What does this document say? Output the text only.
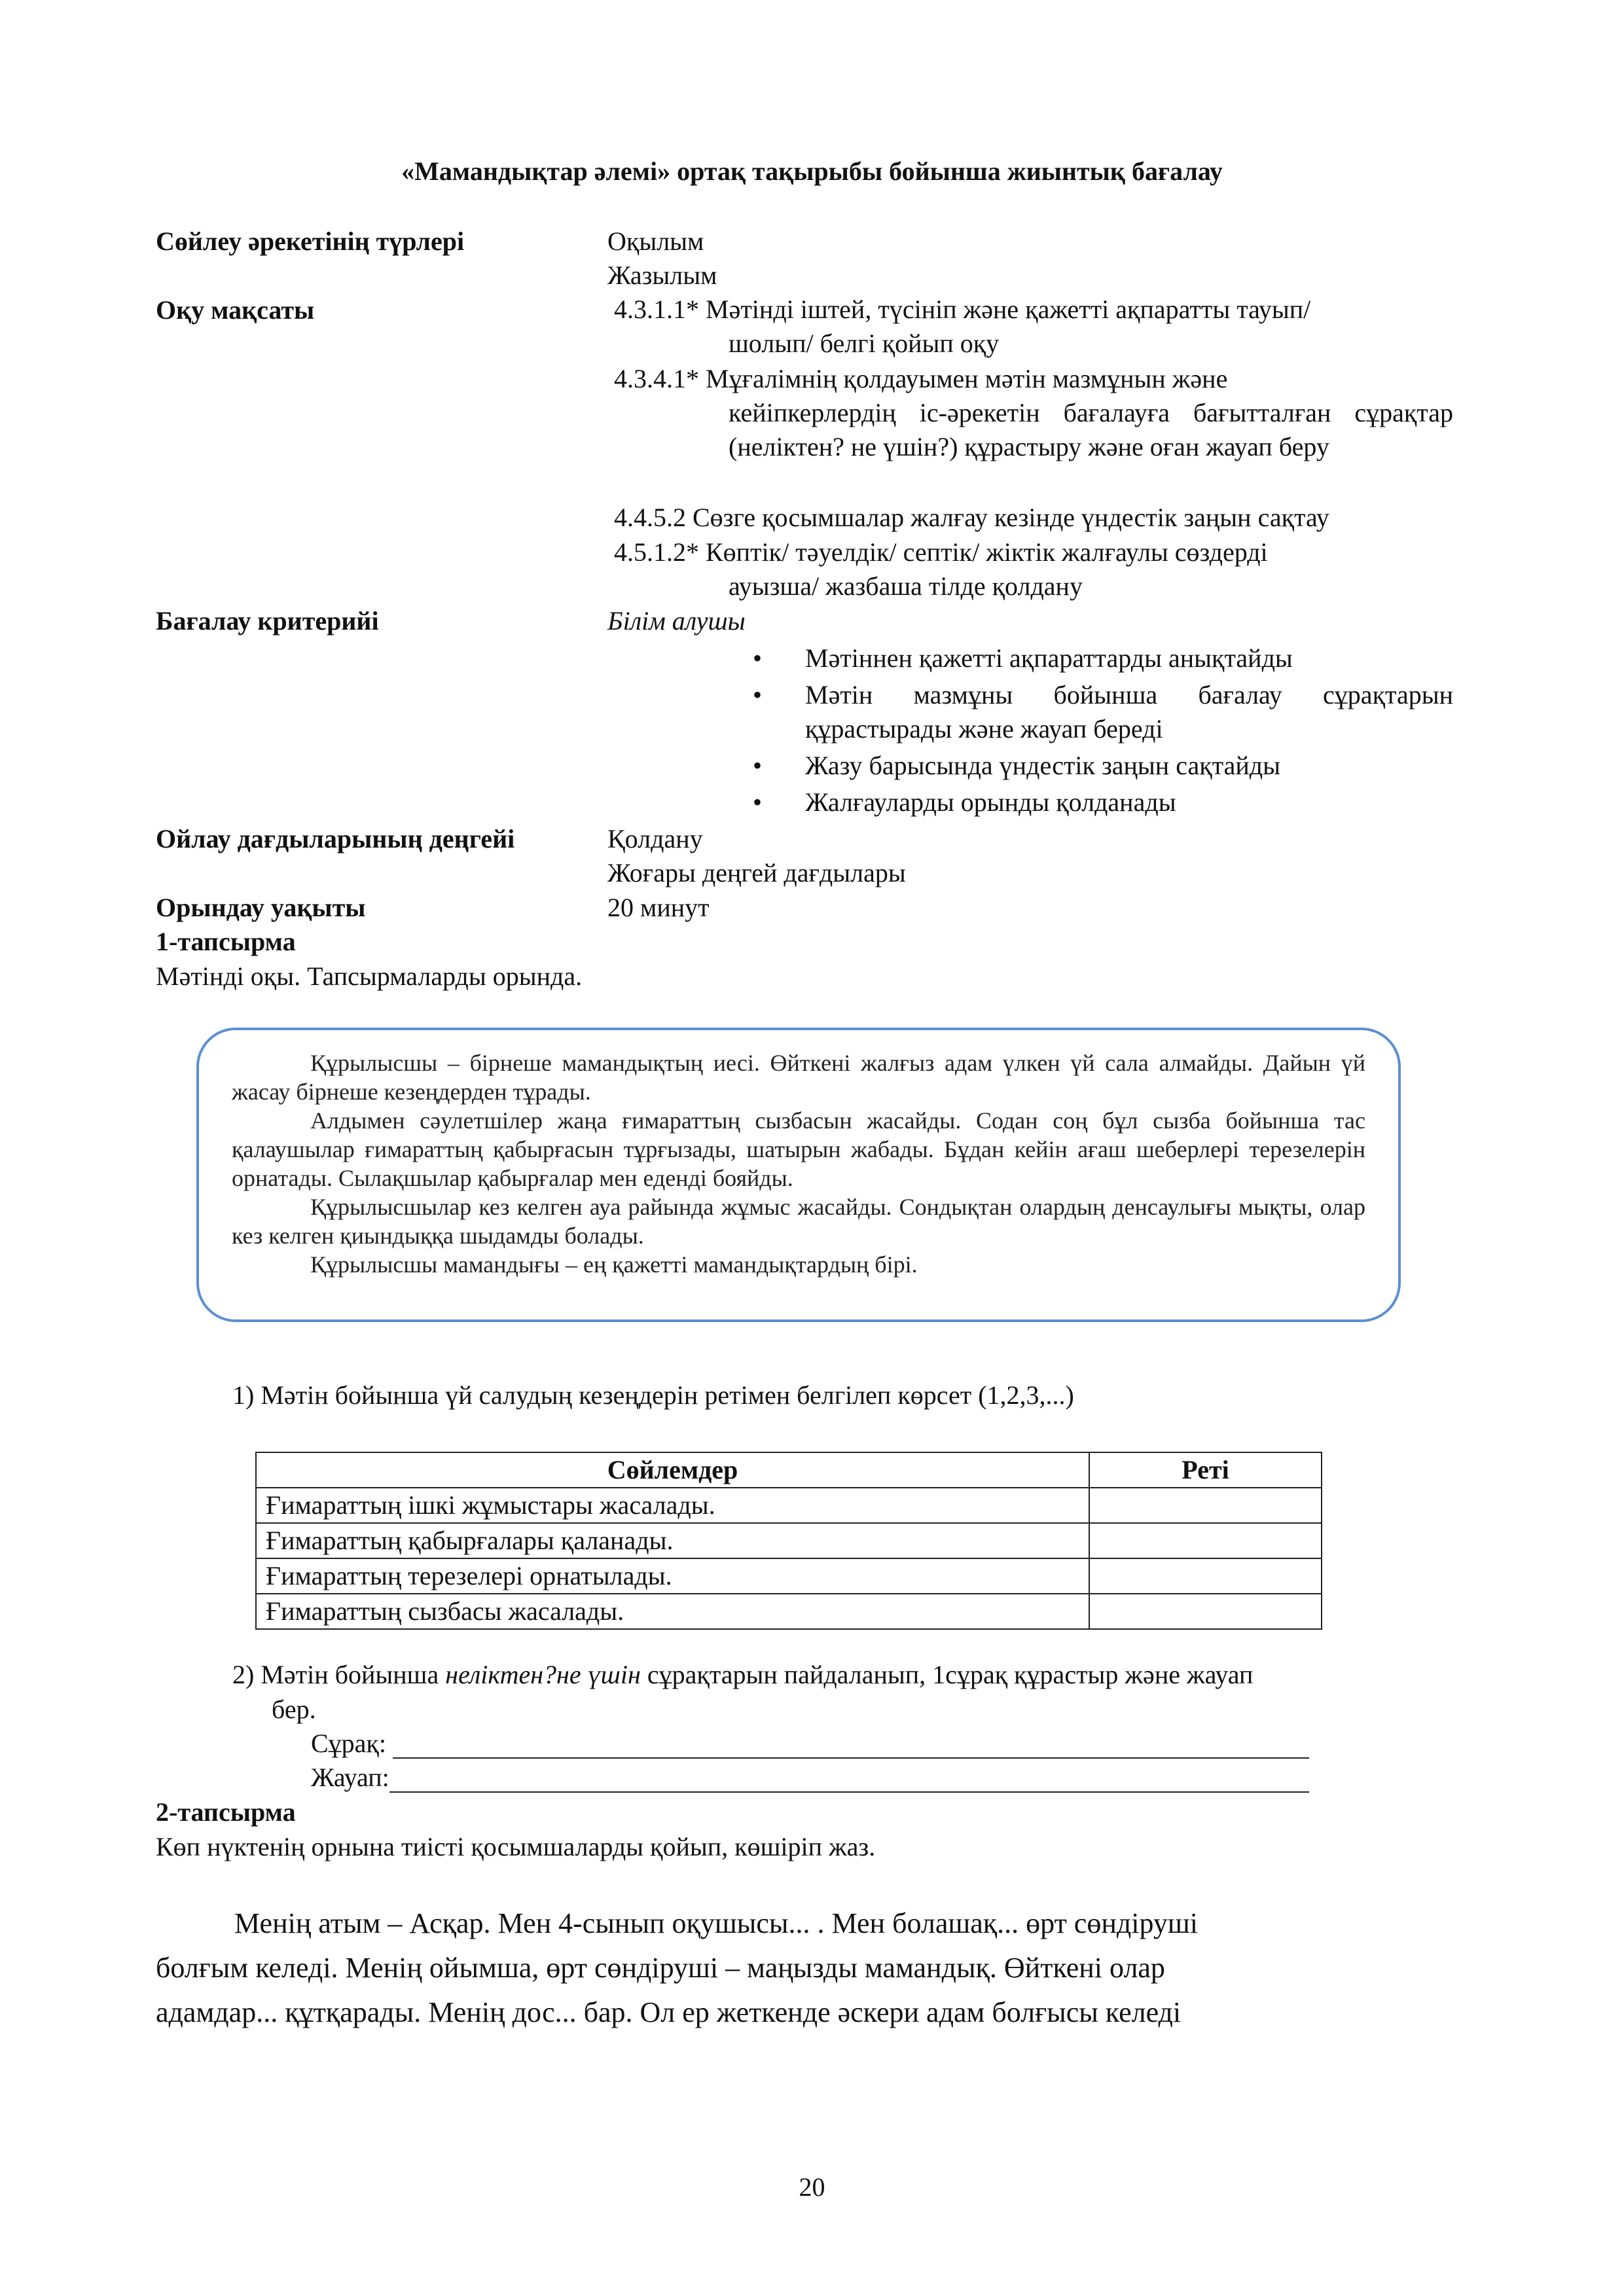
«Мамандықтар әлемі» ортақ тақырыбы бойынша жиынтық бағалау
Сөйлеу әрекетінің түрлері	Оқылым
Жазылым
Оқу мақсаты	4.3.1.1* Мәтінді іштей, түсініп және қажетті ақпаратты тауып/
шолып/ белгі қойып оқу
4.3.4.1* Мұғалімнің қолдауымен мәтін мазмұнын және
кейіпкерлердің іс-әрекетін бағалауға бағытталған сұрақтар (неліктен? не үшін?) құрастыру және оған жауап беру
4.4.5.2 Сөзге қосымшалар жалғау кезінде үндестік заңын сақтау
4.5.1.2* Көптік/ тәуелдік/ септік/ жіктік жалғаулы сөздерді
ауызша/ жазбаша тілде қолдану
Бағалау критерийі	Білім алушы
• Мәтіннен қажетті ақпараттарды анықтайды
• Мәтін мазмұны бойынша бағалау сұрақтарын құрастырады және жауап береді
• Жазу барысында үндестік заңын сақтайды
• Жалғауларды орынды қолданады
Ойлау дағдыларының деңгейі	Қолдану
Жоғары деңгей дағдылары
Орындау уақыты	20 минут
1-тапсырма
Мәтінді оқы. Тапсырмаларды орында.

Құрылысшы – бірнеше мамандықтың иесі. Өйткені жалғыз адам үлкен үй сала алмайды. Дайын үй жасау бірнеше кезеңдерден тұрады.

Алдымен сәулетшілер жаңа ғимараттың сызбасын жасайды. Содан соң бұл сызба бойынша тас қалаушылар ғимараттың қабырғасын тұрғызады, шатырын жабады. Бұдан кейін ағаш шеберлері терезелерін орнатады. Сылақшылар қабырғалар мен еденді бояйды.

Құрылысшылар кез келген ауа райында жұмыс жасайды. Сондықтан олардың денсаулығы мықты, олар кез келген қиындыққа шыдамды болады.

Құрылысшы мамандығы – ең қажетті мамандықтардың бірі.

1) Мәтін бойынша үй салудың кезеңдерін ретімен белгілеп көрсет (1,2,3,...)
Сөйлемдер	Реті
Ғимараттың ішкі жұмыстары жасалады.	
Ғимараттың қабырғалары қаланады.	
Ғимараттың терезелері орнатылады.	
Ғимараттың сызбасы жасалады.	
2) Мәтін бойынша неліктен?не үшін сұрақтарын пайдаланып, 1сұрақ құрастыр және жауап
бер.
Сұрақ:
Жауап:
2-тапсырма
Көп нүктенің орнына тиісті қосымшаларды қойып, көшіріп жаз.
Менің атым – Асқар. Мен 4-сынып оқушысы... . Мен болашақ... өрт сөндіруші
болғым келеді. Менің ойымша, өрт сөндіруші – маңызды мамандық. Өйткені олар
адамдар... құтқарады. Менің дос... бар. Ол ер жеткенде әскери адам болғысы келеді
20
